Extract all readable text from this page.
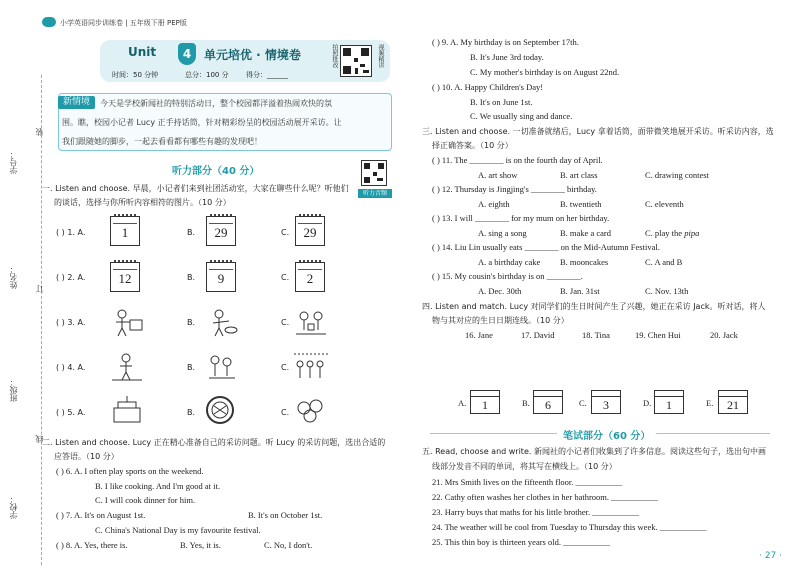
装
订
线
学号：
姓名：
班级：
学校：
小学英语同步训练卷 | 五年级下册 PEP版
Unit	4	单元培优 · 情境卷
时间：50 分钟	总分：100 分 得分：______
拍照批改	视频精讲
新情境	今天是学校新闻社的特别活动日，整个校园都洋溢着热闹欢快的氛
围。瞧，校园小记者 Lucy 正手持话筒，针对精彩纷呈的校园活动展开采访。让
我们跟随她的脚步，一起去看看都有哪些有趣的发现吧！
听力部分（40 分）
听力音频
一. Listen and choose. 早晨，小记者们来到社团活动室，大家在聊些什么呢？听他们
的谈话，选择与你所听内容相符的图片。（10 分）
( ) 1. A.	1	B.	29	C.	29
( ) 2. A.	12	B.	9	C.	2
( ) 3. A.	B.	C.
( ) 4. A.	B.	C.
( ) 5. A.	B.	C.
二. Listen and choose. Lucy 正在精心准备自己的采访问题。听 Lucy 的采访问题，选出合适的
应答语。（10 分）
( ) 6. A. I often play sports on the weekend.
B. I like cooking. And I'm good at it.
C. I will cook dinner for him.
( ) 7. A. It's on August 1st.	B. It's on October 1st.
C. China's National Day is my favourite festival.
( ) 8. A. Yes, there is.	B. Yes, it is.	C. No, I don't.
( ) 9. A. My birthday is on September 17th.
B. It's June 3rd today.
C. My mother's birthday is on August 22nd.
( ) 10. A. Happy Children's Day!
B. It's on June 1st.
C. We usually sing and dance.
三. Listen and choose. 一切准备就绪后，Lucy 拿着话筒，面带微笑地展开采访。听采访内容，选
择正确答案。（10 分）
( ) 11. The ________ is on the fourth day of April.
A. art show	B. art class	C. drawing contest
( ) 12. Thursday is Jingjing's ________ birthday.
A. eighth	B. twentieth	C. eleventh
( ) 13. I will ________ for my mum on her birthday.
A. sing a song	B. make a card	C. play the pipa
( ) 14. Liu Lin usually eats ________ on the Mid-Autumn Festival.
A. a birthday cake B. mooncakes	C. A and B
( ) 15. My cousin's birthday is on ________.
A. Dec. 30th	B. Jan. 31st	C. Nov. 13th
四. Listen and match. Lucy 对同学们的生日时间产生了兴趣，她正在采访 Jack。听对话，将人
物与其对应的生日日期连线。（10 分）
16. Jane	17. David	18. Tina	19. Chen Hui	20. Jack
A.	1	B.	6	C.	3	D.	1	E.	21
笔试部分（60 分）
五. Read, choose and write. 新闻社的小记者们收集到了许多信息。阅读这些句子，选出句中画
线部分发音不同的单词，将其写在横线上。（10 分）
21. Mrs Smith lives on the fifteenth floor. ___________
22. Cathy often washes her clothes in her bathroom. ___________
23. Harry buys that maths for his little brother. ___________
24. The weather will be cool from Tuesday to Thursday this week. ___________
25. This thin boy is thirteen years old. ___________
· 27 ·
